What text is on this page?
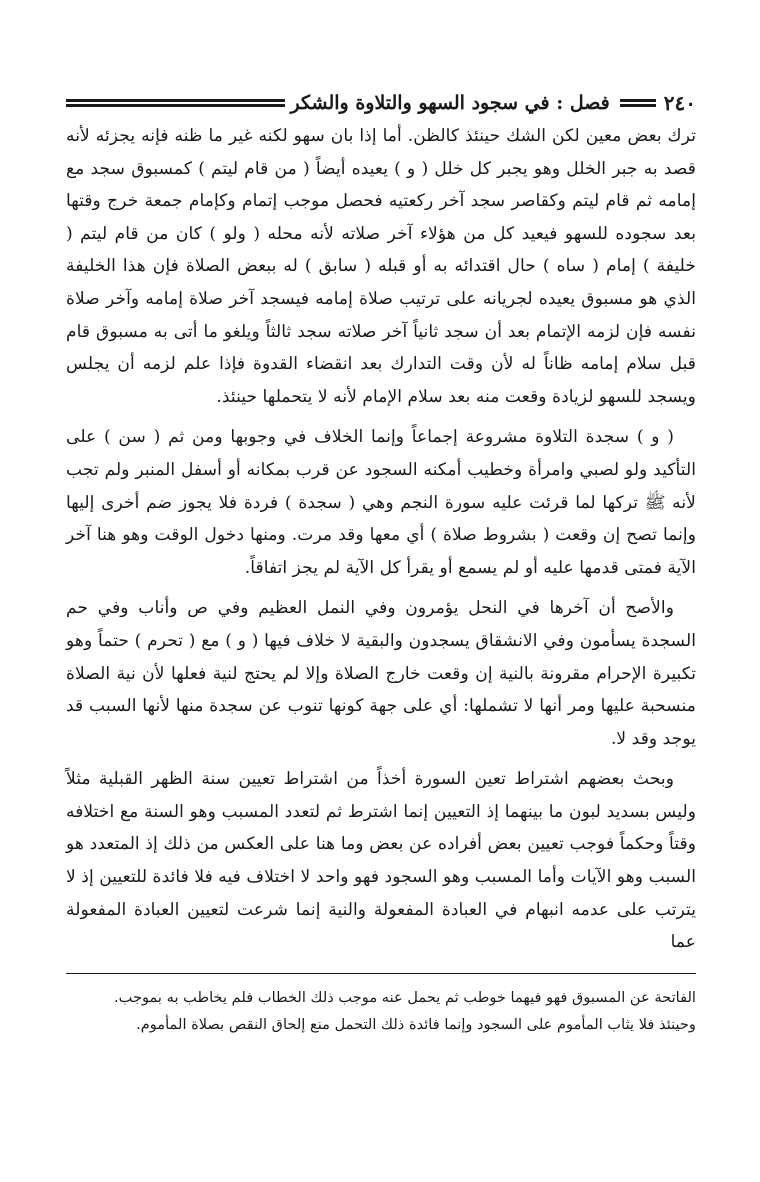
٢٤٠
فصل : في سجود السهو والتلاوة والشكر

ترك بعض معين لكن الشك حينئذ كالظن. أما إذا بان سهو لكنه غير ما ظنه فإنه يجزئه لأنه قصد به جبر الخلل وهو يجبر كل خلل ( و ) يعيده أيضاً ( من قام ليتم ) كمسبوق سجد مع إمامه ثم قام ليتم وكقاصر سجد آخر ركعتيه فحصل موجب إتمام وكإمام جمعة خرج وقتها بعد سجوده للسهو فيعيد كل من هؤلاء آخر صلاته لأنه محله ( ولو ) كان من قام ليتم ( خليفة ) إمام ( ساه ) حال اقتدائه به أو قبله ( سابق ) له ببعض الصلاة فإن هذا الخليفة الذي هو مسبوق يعيده لجريانه على ترتيب صلاة إمامه فيسجد آخر صلاة إمامه وآخر صلاة نفسه فإن لزمه الإتمام بعد أن سجد ثانياً آخر صلاته سجد ثالثاً ويلغو ما أتى به مسبوق قام قبل سلام إمامه ظاناً له لأن وقت التدارك بعد انقضاء القدوة فإذا علم لزمه أن يجلس ويسجد للسهو لزيادة وقعت منه بعد سلام الإمام لأنه لا يتحملها حينئذ.

( و ) سجدة التلاوة مشروعة إجماعاً وإنما الخلاف في وجوبها ومن ثم ( سن ) على التأكيد ولو لصبي وامرأة وخطيب أمكنه السجود عن قرب بمكانه أو أسفل المنبر ولم تجب لأنه ﷺ تركها لما قرئت عليه سورة النجم وهي ( سجدة ) فردة فلا يجوز ضم أخرى إليها وإنما تصح إن وقعت ( بشروط صلاة ) أي معها وقد مرت. ومنها دخول الوقت وهو هنا آخر الآية فمتى قدمها عليه أو لم يسمع أو يقرأ كل الآية لم يجز اتفاقاً.

والأصح أن آخرها في النحل يؤمرون وفي النمل العظيم وفي ص وأناب وفي حم السجدة يسأمون وفي الانشقاق يسجدون والبقية لا خلاف فيها ( و ) مع ( تحرم ) حتماً وهو تكبيرة الإحرام مقرونة بالنية إن وقعت خارج الصلاة وإلا لم يحتج لنية فعلها لأن نية الصلاة منسحبة عليها ومر أنها لا تشملها: أي على جهة كونها تنوب عن سجدة منها لأنها السبب قد يوجد وقد لا.

وبحث بعضهم اشتراط تعين السورة أخذاً من اشتراط تعيين سنة الظهر القبلية مثلاً وليس بسديد لبون ما بينهما إذ التعيين إنما اشترط ثم لتعدد المسبب وهو السنة مع اختلافه وقتاً وحكماً فوجب تعيين بعض أفراده عن بعض وما هنا على العكس من ذلك إذ المتعدد هو السبب وهو الآيات وأما المسبب وهو السجود فهو واحد لا اختلاف فيه فلا فائدة للتعيين إذ لا يترتب على عدمه انبهام في العبادة المفعولة والنية إنما شرعت لتعيين العبادة المفعولة عما

الفاتحة عن المسبوق فهو فيهما خوطب ثم يحمل عنه موجب ذلك الخطاب فلم يخاطب به بموجب.

وحينئذ فلا يثاب المأموم على السجود وإنما فائدة ذلك التحمل منع إلحاق النقص بصلاة المأموم.
